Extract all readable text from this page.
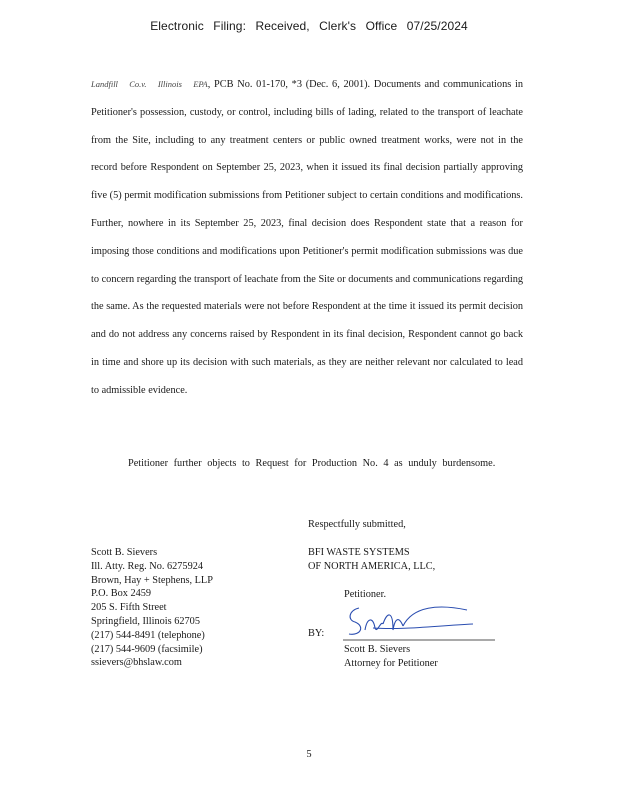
Electronic Filing: Received, Clerk's Office 07/25/2024

Landfill Co.v. Illinois EPA, PCB No. 01-170, *3 (Dec. 6, 2001). Documents and communications in Petitioner's possession, custody, or control, including bills of lading, related to the transport of leachate from the Site, including to any treatment centers or public owned treatment works, were not in the record before Respondent on September 25, 2023, when it issued its final decision partially approving five (5) permit modification submissions from Petitioner subject to certain conditions and modifications. Further, nowhere in its September 25, 2023, final decision does Respondent state that a reason for imposing those conditions and modifications upon Petitioner's permit modification submissions was due to concern regarding the transport of leachate from the Site or documents and communications regarding the same. As the requested materials were not before Respondent at the time it issued its permit decision and do not address any concerns raised by Respondent in its final decision, Respondent cannot go back in time and shore up its decision with such materials, as they are neither relevant nor calculated to lead to admissible evidence.

Petitioner further objects to Request for Production No. 4 as unduly burdensome.
Respectfully submitted,
BFI WASTE SYSTEMS
OF NORTH AMERICA, LLC,
Petitioner.
Scott B. Sievers
Ill. Atty. Reg. No. 6275924
Brown, Hay + Stephens, LLP
P.O. Box 2459
205 S. Fifth Street
Springfield, Illinois 62705
(217) 544-8491 (telephone)
(217) 544-9609 (facsimile)
ssievers@bhslaw.com
BY:
Scott B. Sievers
Attorney for Petitioner
5
